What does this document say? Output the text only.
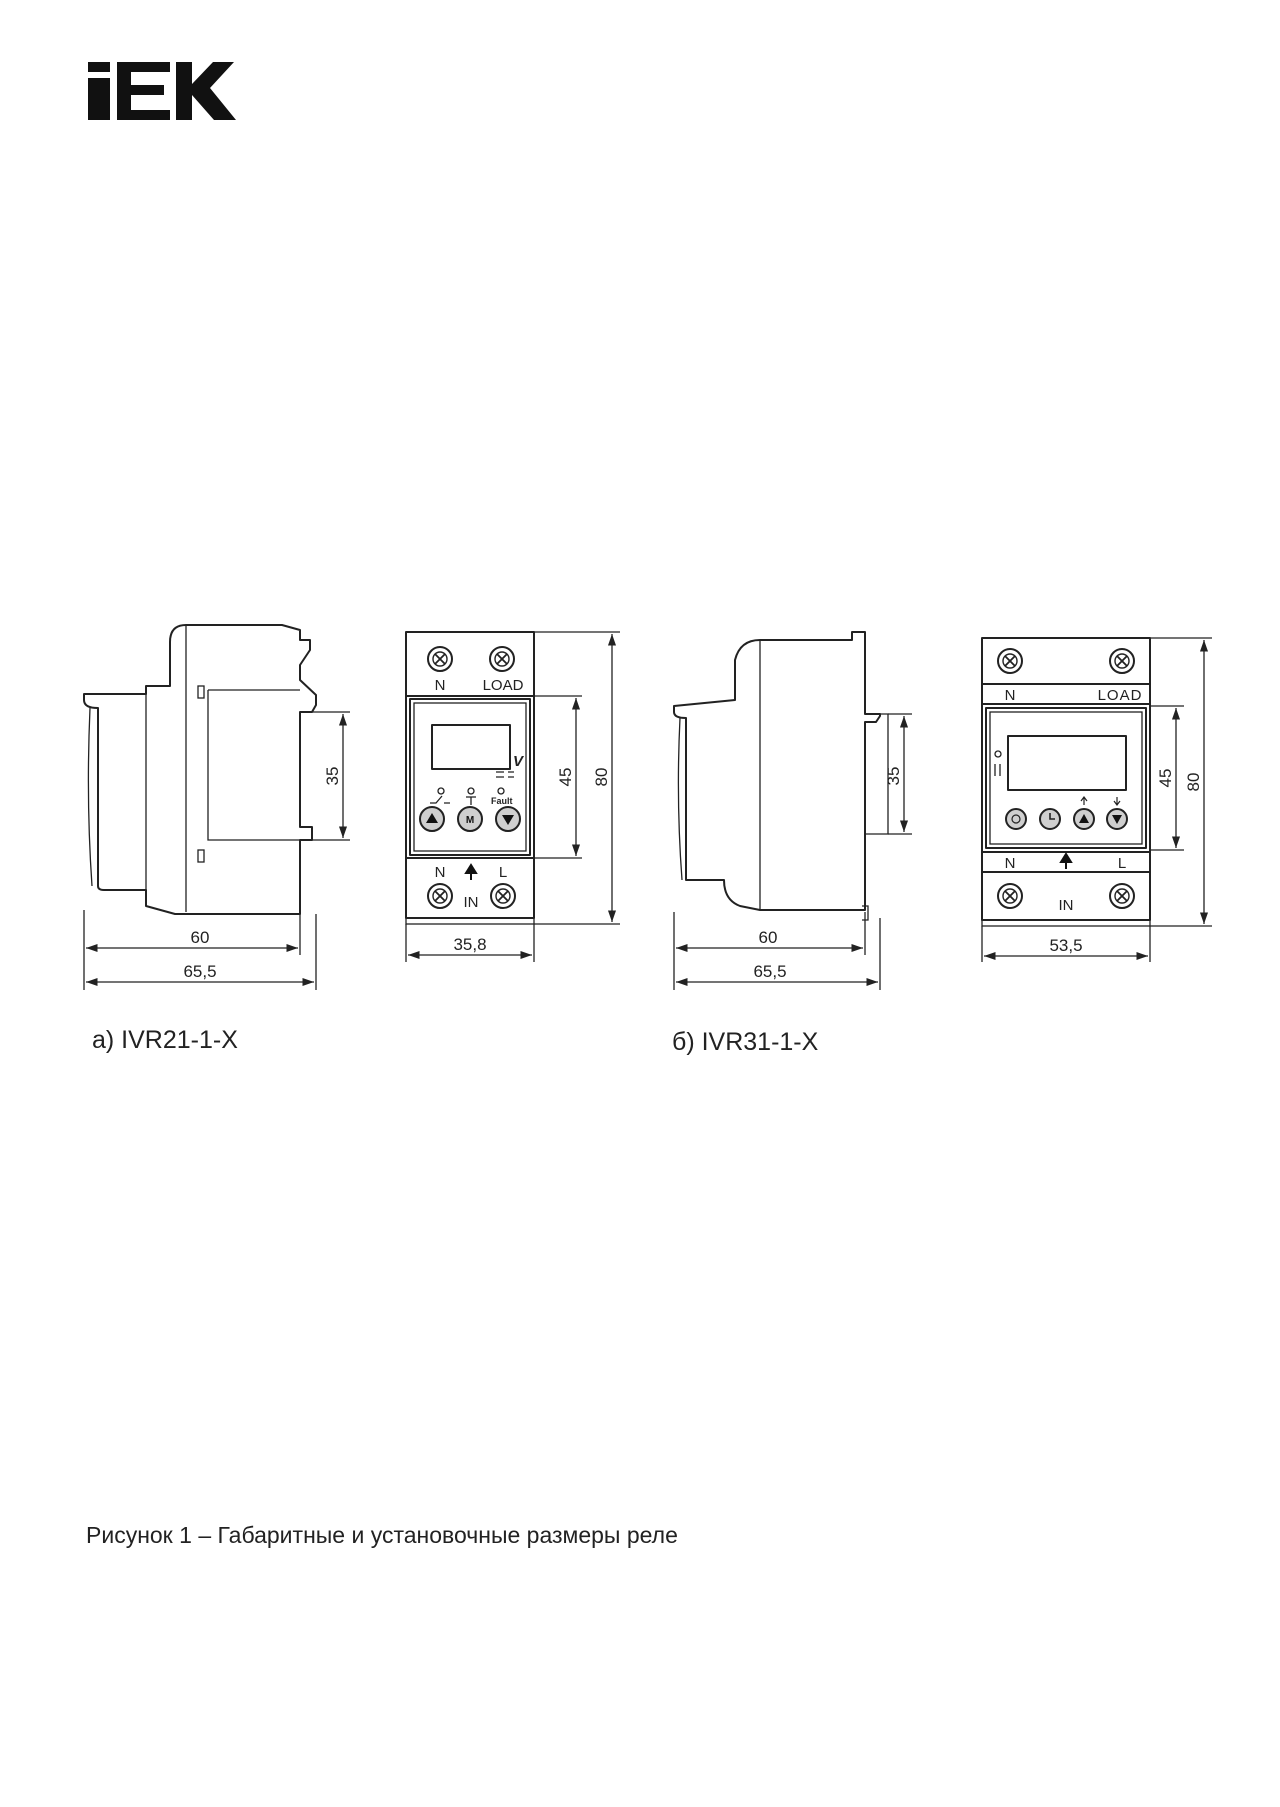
35
60
65,5
N LOAD
V
Fault
M
N	L
IN
45 80
35,8
35
60
65,5
N	LOAD
N	L
IN
45 80
53,5
а) IVR21-1-X	б) IVR31-1-X
Рисунок 1 – Габаритные и установочные размеры реле
